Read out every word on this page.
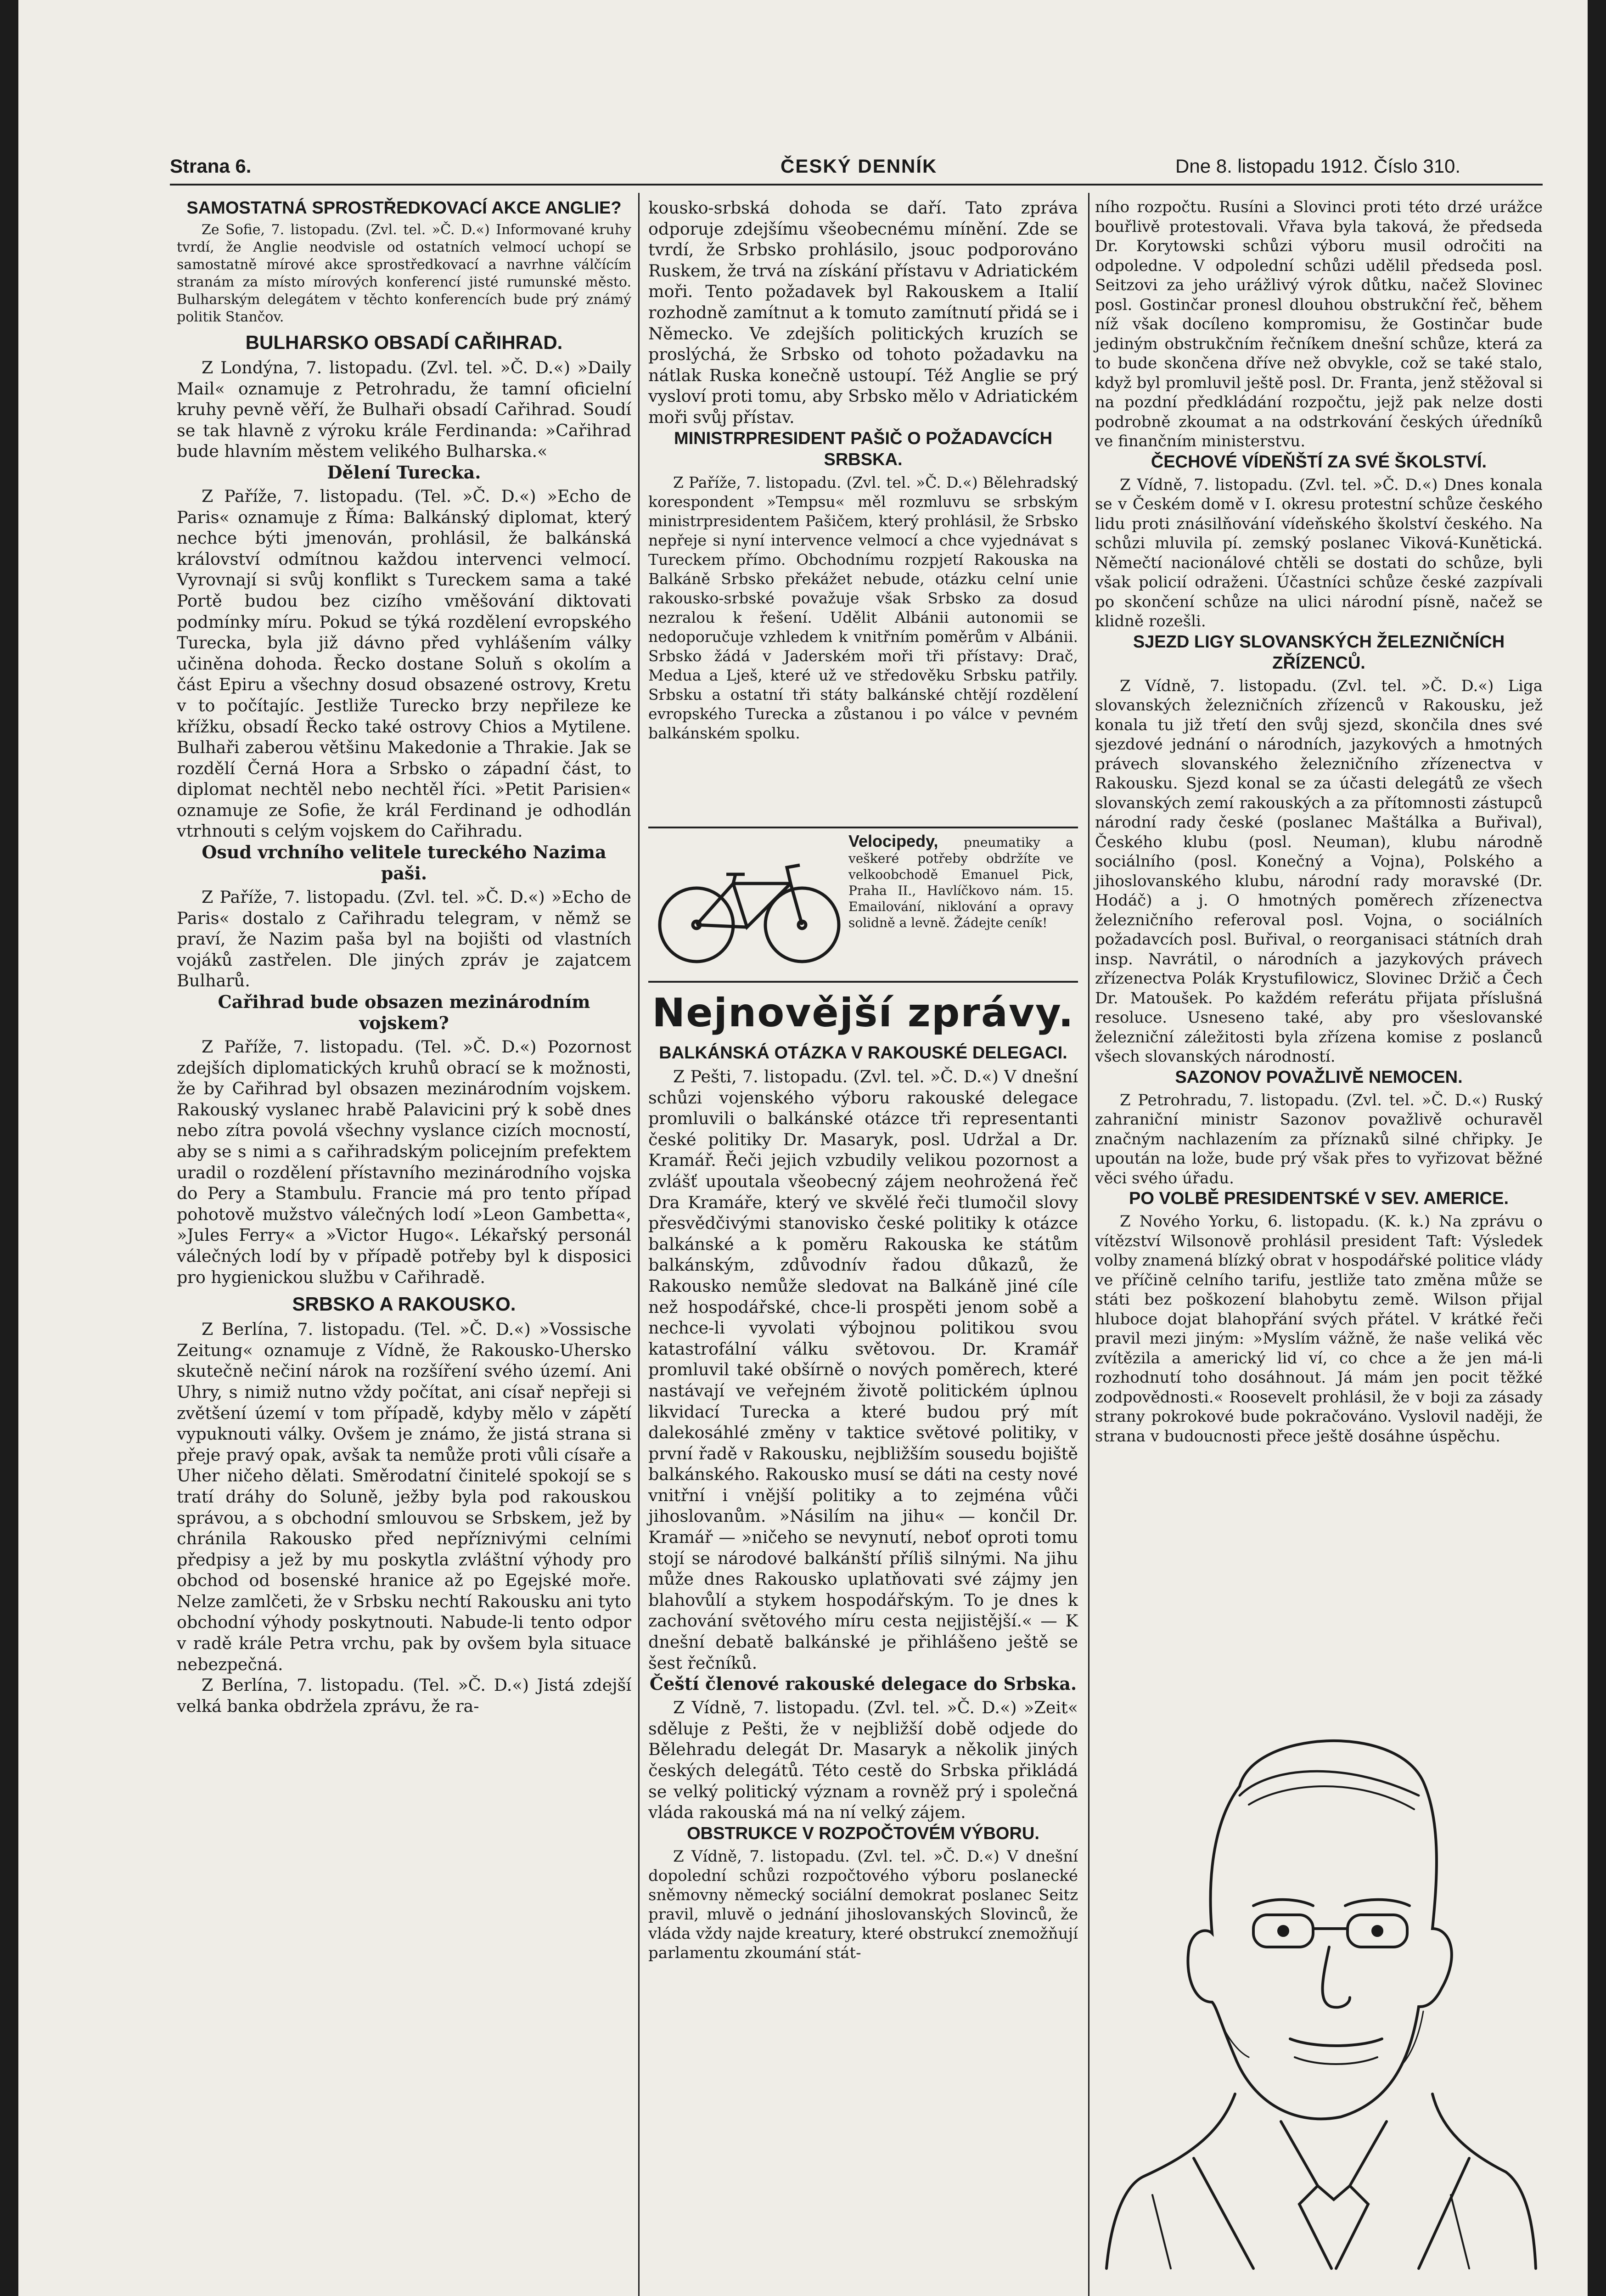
Strana 6.	ČESKÝ DENNÍK	Dne 8. listopadu 1912. Číslo 310.
SAMOSTATNÁ SPROSTŘEDKOVACÍ AKCE ANGLIE?

Ze Sofie, 7. listopadu. (Zvl. tel. »Č. D.«) Informované kruhy tvrdí, že Anglie neodvisle od ostatních velmocí uchopí se samostatně mírové akce sprostředkovací a navrhne válčícím stranám za místo mírových konferencí jisté rumunské město. Bulharským delegátem v těchto konferencích bude prý známý politik Stančov.

BULHARSKO OBSADÍ CAŘIHRAD.

Z Londýna, 7. listopadu. (Zvl. tel. »Č. D.«) »Daily Mail« oznamuje z Petrohradu, že tamní oficielní kruhy pevně věří, že Bulhaři obsadí Cařihrad. Soudí se tak hlavně z výroku krále Ferdinanda: »Cařihrad bude hlavním městem velikého Bulharska.«

Dělení Turecka.

Z Paříže, 7. listopadu. (Tel. »Č. D.«) »Echo de Paris« oznamuje z Říma: Balkánský diplomat, který nechce býti jmenován, prohlásil, že balkánská království odmítnou každou intervenci velmocí. Vyrovnají si svůj konflikt s Tureckem sama a také Portě budou bez cizího vměšování diktovati podmínky míru. Pokud se týká rozdělení evropského Turecka, byla již dávno před vyhlášením války učiněna dohoda. Řecko dostane Soluň s okolím a část Epiru a všechny dosud obsazené ostrovy, Kretu v to počítajíc. Jestliže Turecko brzy nepřileze ke křížku, obsadí Řecko také ostrovy Chios a Mytilene. Bulhaři zaberou většinu Makedonie a Thrakie. Jak se rozdělí Černá Hora a Srbsko o západní část, to diplomat nechtěl nebo nechtěl říci. »Petit Parisien« oznamuje ze Sofie, že král Ferdinand je odhodlán vtrhnouti s celým vojskem do Cařihradu.

Osud vrchního velitele tureckého Nazima paši.

Z Paříže, 7. listopadu. (Zvl. tel. »Č. D.«) »Echo de Paris« dostalo z Cařihradu telegram, v němž se praví, že Nazim paša byl na bojišti od vlastních vojáků zastřelen. Dle jiných zpráv je zajatcem Bulharů.

Cařihrad bude obsazen mezinárodním vojskem?

Z Paříže, 7. listopadu. (Tel. »Č. D.«) Pozornost zdejších diplomatických kruhů obrací se k možnosti, že by Cařihrad byl obsazen mezinárodním vojskem. Rakouský vyslanec hrabě Palavicini prý k sobě dnes nebo zítra povolá všechny vyslance cizích mocností, aby se s nimi a s cařihradským policejním prefektem uradil o rozdělení přístavního mezinárodního vojska do Pery a Stambulu. Francie má pro tento případ pohotově mužstvo válečných lodí »Leon Gambetta«, »Jules Ferry« a »Victor Hugo«. Lékařský personál válečných lodí by v případě potřeby byl k disposici pro hygienickou službu v Cařihradě.

SRBSKO A RAKOUSKO.

Z Berlína, 7. listopadu. (Tel. »Č. D.«) »Vossische Zeitung« oznamuje z Vídně, že Rakousko-Uhersko skutečně nečiní nárok na rozšíření svého území. Ani Uhry, s nimiž nutno vždy počítat, ani císař nepřeji si zvětšení území v tom případě, kdyby mělo v zápětí vypuknouti války. Ovšem je známo, že jistá strana si přeje pravý opak, avšak ta nemůže proti vůli císaře a Uher ničeho dělati. Směrodatní činitelé spokojí se s tratí dráhy do Soluně, ježby byla pod rakouskou správou, a s obchodní smlouvou se Srbskem, jež by chránila Rakousko před nepříznivými celními předpisy a jež by mu poskytla zvláštní výhody pro obchod od bosenské hranice až po Egejské moře. Nelze zamlčeti, že v Srbsku nechtí Rakousku ani tyto obchodní výhody poskytnouti. Nabude-li tento odpor v radě krále Petra vrchu, pak by ovšem byla situace nebezpečná.

Z Berlína, 7. listopadu. (Tel. »Č. D.«) Jistá zdejší velká banka obdržela zprávu, že ra-

kousko-srbská dohoda se daří. Tato zpráva odporuje zdejšímu všeobecnému mínění. Zde se tvrdí, že Srbsko prohlásilo, jsouc podporováno Ruskem, že trvá na získání přístavu v Adriatickém moři. Tento požadavek byl Rakouskem a Italií rozhodně zamítnut a k tomuto zamítnutí přidá se i Německo. Ve zdejších politických kruzích se proslýchá, že Srbsko od tohoto požadavku na nátlak Ruska konečně ustoupí. Též Anglie se prý vysloví proti tomu, aby Srbsko mělo v Adriatickém moři svůj přístav.

MINISTRPRESIDENT PAŠIČ O POŽADAVCÍCH SRBSKA.

Z Paříže, 7. listopadu. (Zvl. tel. »Č. D.«) Bělehradský korespondent »Tempsu« měl rozmluvu se srbským ministrpresidentem Pašičem, který prohlásil, že Srbsko nepřeje si nyní intervence velmocí a chce vyjednávat s Tureckem přímo. Obchodnímu rozpjetí Rakouska na Balkáně Srbsko překážet nebude, otázku celní unie rakousko-srbské považuje však Srbsko za dosud nezralou k řešení. Udělit Albánii autonomii se nedoporučuje vzhledem k vnitřním poměrům v Albánii. Srbsko žádá v Jaderském moři tři přístavy: Drač, Medua a Lješ, které už ve středověku Srbsku patřily. Srbsku a ostatní tři státy balkánské chtějí rozdělení evropského Turecka a zůstanou i po válce v pevném balkánském spolku.

Velocipedy, pneumatiky a veškeré potřeby obdržíte ve velkoobchodě Emanuel Pick, Praha II., Havlíčkovo nám. 15. Emailování, niklování a opravy solidně a levně. Žádejte ceník!
Nejnovější zprávy.
BALKÁNSKÁ OTÁZKA V RAKOUSKÉ DELEGACI.

Z Pešti, 7. listopadu. (Zvl. tel. »Č. D.«) V dnešní schůzi vojenského výboru rakouské delegace promluvili o balkánské otázce tři representanti české politiky Dr. Masaryk, posl. Udržal a Dr. Kramář. Řeči jejich vzbudily velikou pozornost a zvlášť upoutala všeobecný zájem neohrožená řeč Dra Kramáře, který ve skvělé řeči tlumočil slovy přesvědčivými stanovisko české politiky k otázce balkánské a k poměru Rakouska ke státům balkánským, zdůvodnív řadou důkazů, že Rakousko nemůže sledovat na Balkáně jiné cíle než hospodářské, chce-li prospěti jenom sobě a nechce-li vyvolati výbojnou politikou svou katastrofální válku světovou. Dr. Kramář promluvil také obšírně o nových poměrech, které nastávají ve veřejném životě politickém úplnou likvidací Turecka a které budou prý mít dalekosáhlé změny v taktice světové politiky, v první řadě v Rakousku, nejbližším sousedu bojiště balkánského. Rakousko musí se dáti na cesty nové vnitřní i vnější politiky a to zejména vůči jihoslovanům. »Násilím na jihu« — končil Dr. Kramář — »ničeho se nevynutí, neboť oproti tomu stojí se národové balkánští příliš silnými. Na jihu může dnes Rakousko uplatňovati své zájmy jen blahovůlí a stykem hospodářským. To je dnes k zachování světového míru cesta nejjistější.« — K dnešní debatě balkánské je přihlášeno ještě se šest řečníků.

Čeští členové rakouské delegace do Srbska.

Z Vídně, 7. listopadu. (Zvl. tel. »Č. D.«) »Zeit« sděluje z Pešti, že v nejbližší době odjede do Bělehradu delegát Dr. Masaryk a několik jiných českých delegátů. Této cestě do Srbska přikládá se velký politický význam a rovněž prý i společná vláda rakouská má na ní velký zájem.

OBSTRUKCE V ROZPOČTOVÉM VÝBORU.

Z Vídně, 7. listopadu. (Zvl. tel. »Č. D.«) V dnešní dopolední schůzi rozpočtového výboru poslanecké sněmovny německý sociální demokrat poslanec Seitz pravil, mluvě o jednání jihoslovanských Slovinců, že vláda vždy najde kreatury, které obstrukcí znemožňují parlamentu zkoumání stát-

ního rozpočtu. Rusíni a Slovinci proti této drzé urážce bouřlivě protestovali. Vřava byla taková, že předseda Dr. Korytowski schůzi výboru musil odročiti na odpoledne. V odpolední schůzi udělil předseda posl. Seitzovi za jeho urážlivý výrok důtku, načež Slovinec posl. Gostinčar pronesl dlouhou obstrukční řeč, během níž však docíleno kompromisu, že Gostinčar bude jediným obstrukčním řečníkem dnešní schůze, která za to bude skončena dříve než obvykle, což se také stalo, když byl promluvil ještě posl. Dr. Franta, jenž stěžoval si na pozdní předkládání rozpočtu, jejž pak nelze dosti podrobně zkoumat a na odstrkování českých úředníků ve finančním ministerstvu.

ČECHOVÉ VÍDEŇŠTÍ ZA SVÉ ŠKOLSTVÍ.

Z Vídně, 7. listopadu. (Zvl. tel. »Č. D.«) Dnes konala se v Českém domě v I. okresu protestní schůze českého lidu proti znásilňování vídeňského školství českého. Na schůzi mluvila pí. zemský poslanec Viková-Kunětická. Němečtí nacionálové chtěli se dostati do schůze, byli však policií odraženi. Účastníci schůze české zazpívali po skončení schůze na ulici národní písně, načež se klidně rozešli.

SJEZD LIGY SLOVANSKÝCH ŽELEZNIČNÍCH ZŘÍZENCŮ.

Z Vídně, 7. listopadu. (Zvl. tel. »Č. D.«) Liga slovanských železničních zřízenců v Rakousku, jež konala tu již třetí den svůj sjezd, skončila dnes své sjezdové jednání o národních, jazykových a hmotných právech slovanského železničního zřízenectva v Rakousku. Sjezd konal se za účasti delegátů ze všech slovanských zemí rakouských a za přítomnosti zástupců národní rady české (poslanec Maštálka a Buřival), Českého klubu (posl. Neuman), klubu národně sociálního (posl. Konečný a Vojna), Polského a jihoslovanského klubu, národní rady moravské (Dr. Hodáč) a j. O hmotných poměrech zřízenectva železničního referoval posl. Vojna, o sociálních požadavcích posl. Buřival, o reorganisaci státních drah insp. Navrátil, o národních a jazykových právech zřízenectva Polák Krystufilowicz, Slovinec Držič a Čech Dr. Matoušek. Po každém referátu přijata příslušná resoluce. Usneseno také, aby pro všeslovanské železniční záležitosti byla zřízena komise z poslanců všech slovanských národností.

SAZONOV POVAŽLIVĚ NEMOCEN.

Z Petrohradu, 7. listopadu. (Zvl. tel. »Č. D.«) Ruský zahraniční ministr Sazonov považlivě ochuravěl značným nachlazením za příznaků silné chřipky. Je upoután na lože, bude prý však přes to vyřizovat běžné věci svého úřadu.

PO VOLBĚ PRESIDENTSKÉ V SEV. AMERICE.

Z Nového Yorku, 6. listopadu. (K. k.) Na zprávu o vítězství Wilsonově prohlásil president Taft: Výsledek volby znamená blízký obrat v hospodářské politice vlády ve příčině celního tarifu, jestliže tato změna může se státi bez poškození blahobytu země. Wilson přijal hluboce dojat blahopřání svých přátel. V krátké řeči pravil mezi jiným: »Myslím vážně, že naše veliká věc zvítězila a americký lid ví, co chce a že jen má-li rozhodnutí toho dosáhnout. Já mám jen pocit těžké zodpovědnosti.« Roosevelt prohlásil, že v boji za zásady strany pokrokové bude pokračováno. Vyslovil naději, že strana v budoucnosti přece ještě dosáhne úspěchu.
